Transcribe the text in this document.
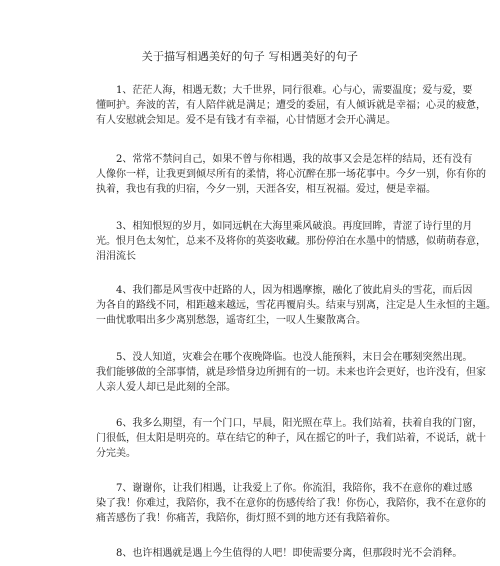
关于描写相遇美好的句子 写相遇美好的句子

1、茫茫人海，相遇无数；大千世界，同行很难。心与心，需要温度；爱与爱，要
懂呵护。奔波的苦，有人陪伴就是满足；遭受的委屈，有人倾诉就是幸福；心灵的疲惫，
有人安慰就会知足。爱不是有钱才有幸福，心甘情愿才会开心满足。

2、常常不禁问自己，如果不曾与你相遇，我的故事又会是怎样的结局，还有没有
人像你一样，让我更到倾尽所有的柔情，将心沉醉在那一场花事中。今夕一别，你有你的
执着，我也有我的归宿，今夕一别，天涯各安，相互祝福。爱过，便是幸福。

3、相知恨短的岁月，如同远帆在大海里乘风破浪。再度回眸，青涩了诗行里的月
光。恨月色太匆忙，总来不及将你的英姿收藏。那份停泊在水墨中的情感，似萌萌春意，
涓涓流长

4、我们都是风雪夜中赶路的人，因为相遇摩擦，融化了彼此肩头的雪花，而后因
为各自的路线不同，相距越来越远，雪花再覆肩头。结束与别离，注定是人生永恒的主题。
一曲忧歌唱出多少离别愁怨，遥寄红尘，一叹人生聚散离合。

5、没人知道，灾难会在哪个夜晚降临。也没人能预料，末日会在哪刻突然出现。
我们能够做的全部事情，就是珍惜身边所拥有的一切。未来也许会更好，也许没有，但家
人亲人爱人却已是此刻的全部。

6、我多么期望，有一个门口，早晨，阳光照在草上。我们站着，扶着自我的门窗，
门很低，但太阳是明亮的。草在结它的种子，风在摇它的叶子，我们站着，不说话，就十
分完美。

7、谢谢你，让我们相遇，让我爱上了你。你流泪，我陪你，我不在意你的难过感
染了我！你难过，我陪你，我不在意你的伤感传给了我！你伤心，我陪你，我不在意你的
痛苦感伤了我！你痛苦，我陪你，街灯照不到的地方还有我陪着你。

8、也许相遇就是遇上今生值得的人吧！即使需要分离，但那段时光不会消释。
